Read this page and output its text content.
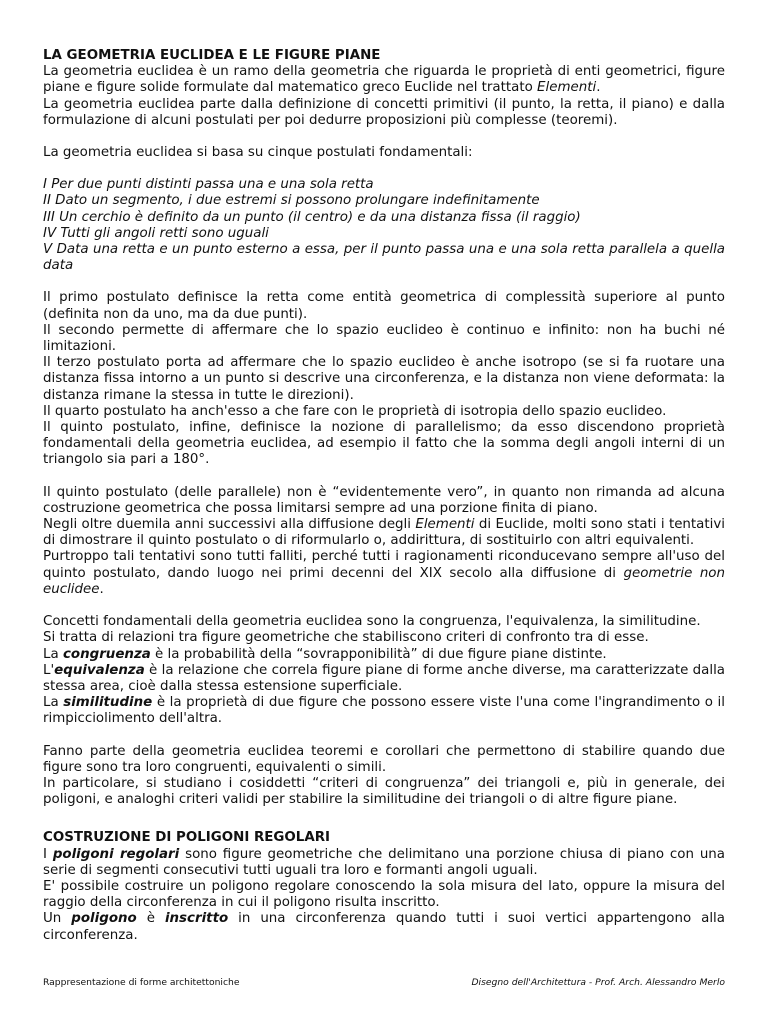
LA GEOMETRIA EUCLIDEA E LE FIGURE PIANE

La geometria euclidea è un ramo della geometria che riguarda le proprietà di enti geometrici, figure piane e figure solide formulate dal matematico greco Euclide nel trattato Elementi.

La geometria euclidea parte dalla definizione di concetti primitivi (il punto, la retta, il piano) e dalla formulazione di alcuni postulati per poi dedurre proposizioni più complesse (teoremi).

La geometria euclidea si basa su cinque postulati fondamentali:

I Per due punti distinti passa una e una sola retta

II Dato un segmento, i due estremi si possono prolungare indefinitamente

III Un cerchio è definito da un punto (il centro) e da una distanza fissa (il raggio)

IV Tutti gli angoli retti sono uguali

V Data una retta e un punto esterno a essa, per il punto passa una e una sola retta parallela a quella data

Il primo postulato definisce la retta come entità geometrica di complessità superiore al punto (definita non da uno, ma da due punti).

Il secondo permette di affermare che lo spazio euclideo è continuo e infinito: non ha buchi né limitazioni.

Il terzo postulato porta ad affermare che lo spazio euclideo è anche isotropo (se si fa ruotare una distanza fissa intorno a un punto si descrive una circonferenza, e la distanza non viene deformata: la distanza rimane la stessa in tutte le direzioni).

Il quarto postulato ha anch'esso a che fare con le proprietà di isotropia dello spazio euclideo.

Il quinto postulato, infine, definisce la nozione di parallelismo; da esso discendono proprietà fondamentali della geometria euclidea, ad esempio il fatto che la somma degli angoli interni di un triangolo sia pari a 180°.

Il quinto postulato (delle parallele) non è “evidentemente vero”, in quanto non rimanda ad alcuna costruzione geometrica che possa limitarsi sempre ad una porzione finita di piano.

Negli oltre duemila anni successivi alla diffusione degli Elementi di Euclide, molti sono stati i tentativi di dimostrare il quinto postulato o di riformularlo o, addirittura, di sostituirlo con altri equivalenti.

Purtroppo tali tentativi sono tutti falliti, perché tutti i ragionamenti riconducevano sempre all'uso del quinto postulato, dando luogo nei primi decenni del XIX secolo alla diffusione di geometrie non euclidee.

Concetti fondamentali della geometria euclidea sono la congruenza, l'equivalenza, la similitudine.

Si tratta di relazioni tra figure geometriche che stabiliscono criteri di confronto tra di esse.

La congruenza è la probabilità della “sovrapponibilità” di due figure piane distinte.

L'equivalenza è la relazione che correla figure piane di forme anche diverse, ma caratterizzate dalla stessa area, cioè dalla stessa estensione superficiale.

La similitudine è la proprietà di due figure che possono essere viste l'una come l'ingrandimento o il rimpicciolimento dell'altra.

Fanno parte della geometria euclidea teoremi e corollari che permettono di stabilire quando due figure sono tra loro congruenti, equivalenti o simili.

In particolare, si studiano i cosiddetti “criteri di congruenza” dei triangoli e, più in generale, dei poligoni, e analoghi criteri validi per stabilire la similitudine dei triangoli o di altre figure piane.

COSTRUZIONE DI POLIGONI REGOLARI

I poligoni regolari sono figure geometriche che delimitano una porzione chiusa di piano con una serie di segmenti consecutivi tutti uguali tra loro e formanti angoli uguali.

E' possibile costruire un poligono regolare conoscendo la sola misura del lato, oppure la misura del raggio della circonferenza in cui il poligono risulta inscritto.

Un poligono è inscritto in una circonferenza quando tutti i suoi vertici appartengono alla circonferenza.

Rappresentazione di forme architettoniche	Disegno dell'Architettura - Prof. Arch. Alessandro Merlo
